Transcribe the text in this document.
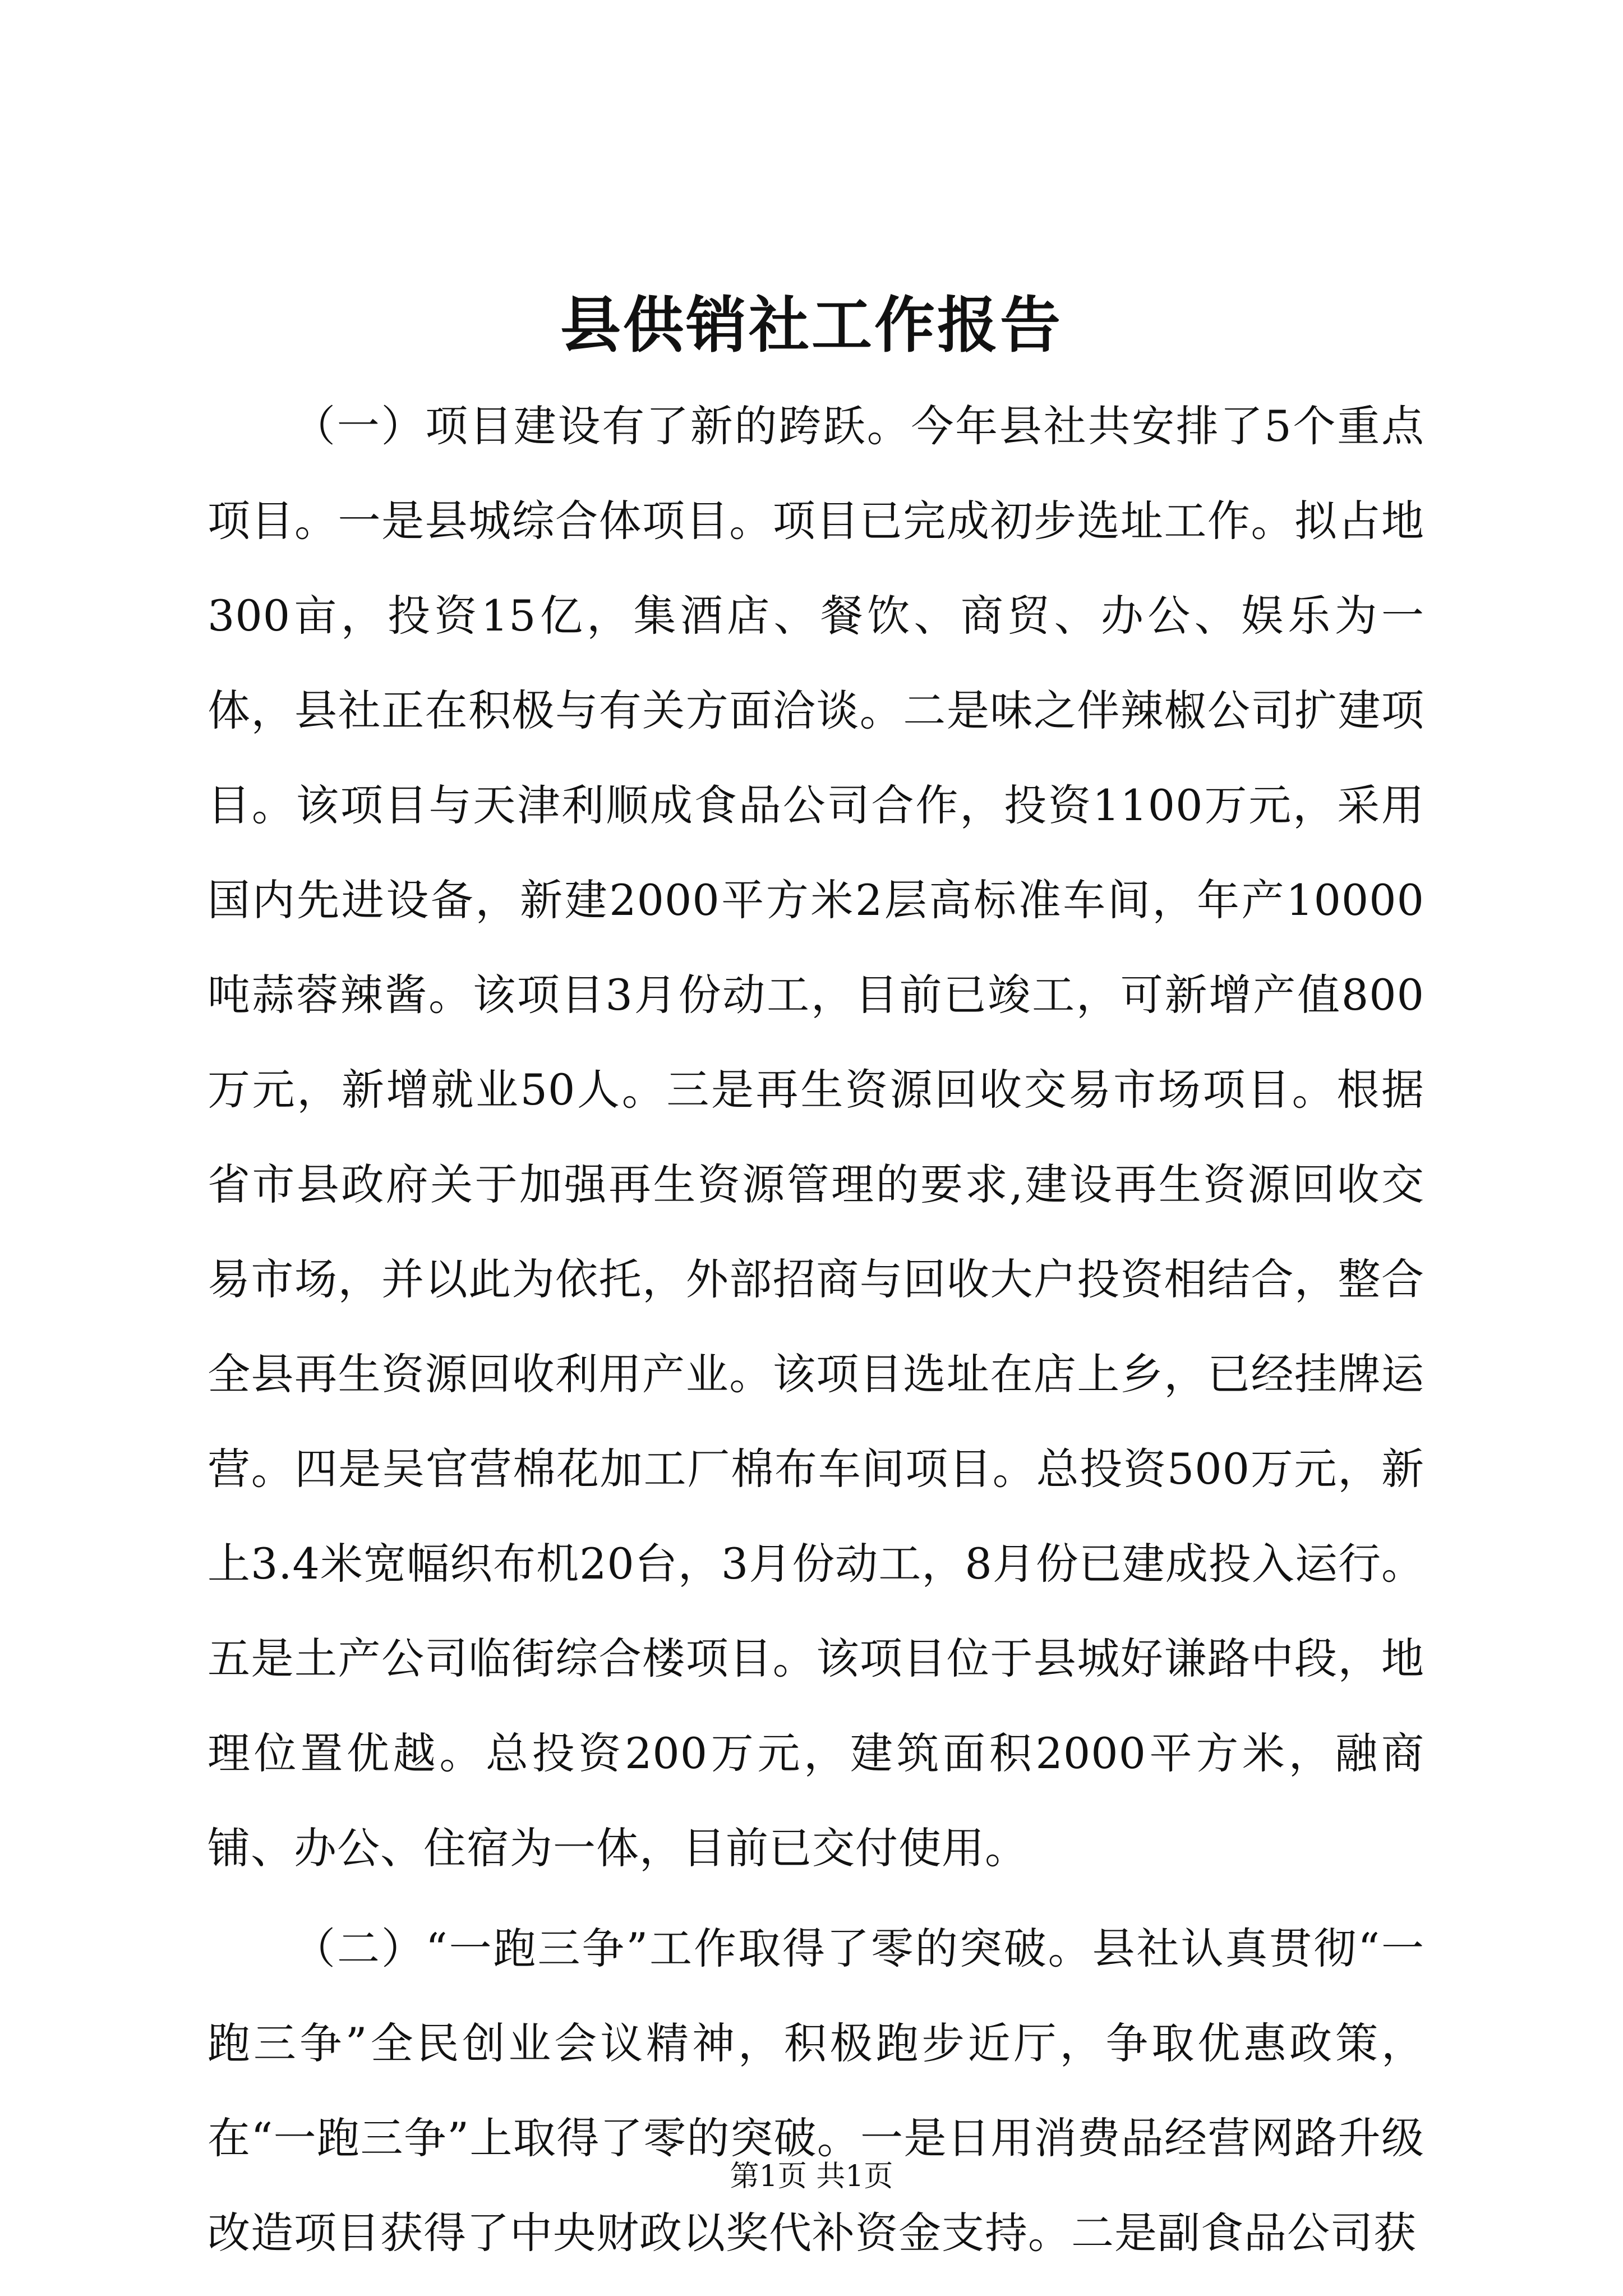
县供销社工作报告

（一）项目建设有了新的跨跃。今年县社共安排了5个重点项目。一是县城综合体项目。项目已完成初步选址工作。拟占地300亩，投资15亿，集酒店、餐饮、商贸、办公、娱乐为一体，县社正在积极与有关方面洽谈。二是味之伴辣椒公司扩建项目。该项目与天津利顺成食品公司合作，投资1100万元，采用国内先进设备，新建2000平方米2层高标准车间，年产10000吨蒜蓉辣酱。该项目3月份动工，目前已竣工，可新增产值800万元，新增就业50人。三是再生资源回收交易市场项目。根据省市县政府关于加强再生资源管理的要求,建设再生资源回收交易市场，并以此为依托，外部招商与回收大户投资相结合，整合全县再生资源回收利用产业。该项目选址在店上乡，已经挂牌运营。四是吴官营棉花加工厂棉布车间项目。总投资500万元，新上3.4米宽幅织布机20台，3月份动工，8月份已建成投入运行。五是土产公司临街综合楼项目。该项目位于县城好谦路中段，地理位置优越。总投资200万元，建筑面积2000平方米，融商铺、办公、住宿为一体，目前已交付使用。

（二）“一跑三争”工作取得了零的突破。县社认真贯彻“一跑三争”全民创业会议精神，积极跑步近厅，争取优惠政策，在“一跑三争”上取得了零的突破。一是日用消费品经营网路升级改造项目获得了中央财政以奖代补资金支持。二是副食品公司获

第1页 共1页
